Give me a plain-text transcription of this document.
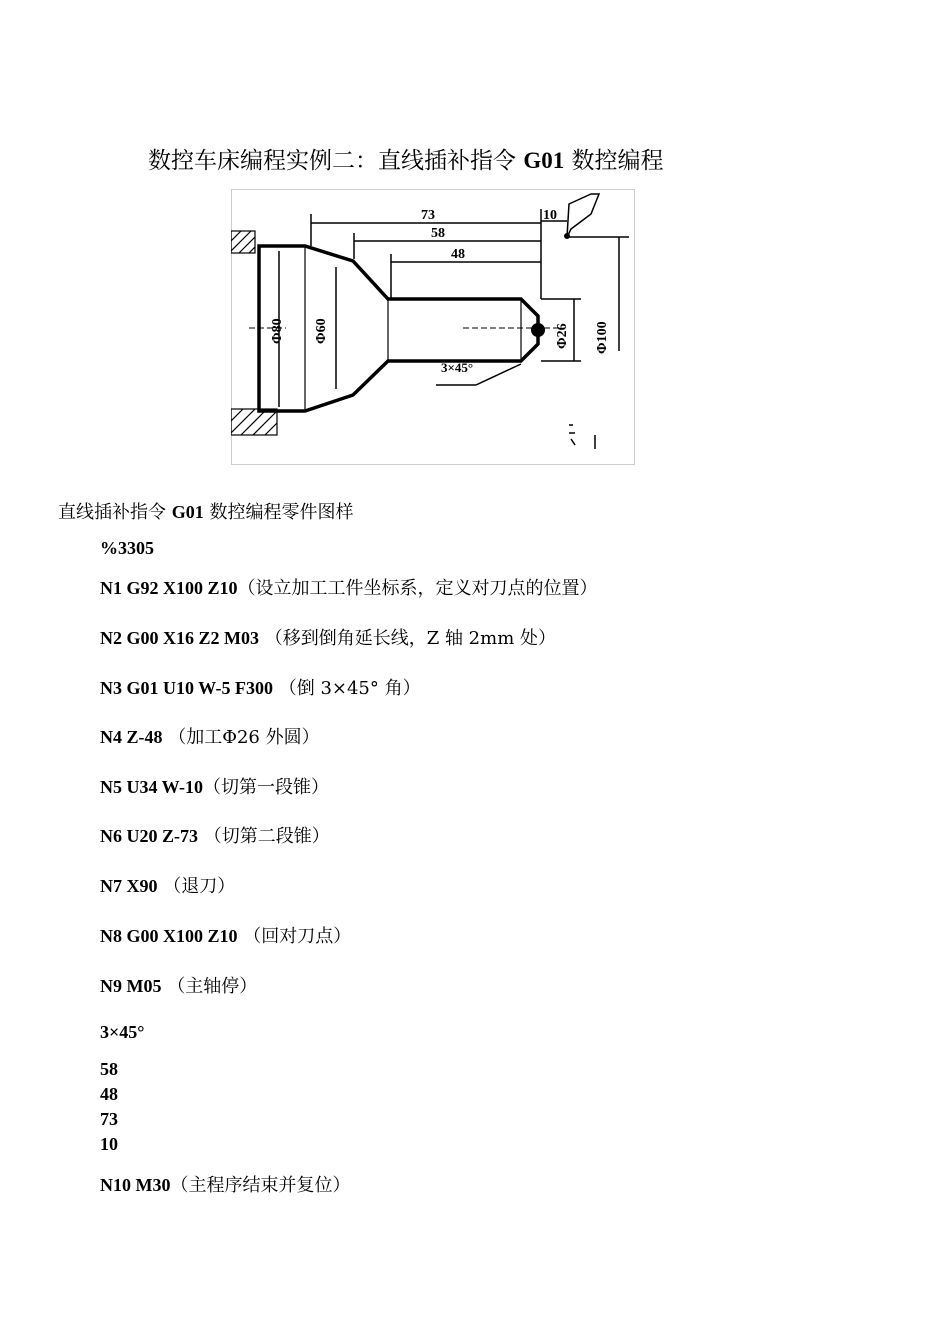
数控车床编程实例二：直线插补指令 G01 数控编程
73
58
48
10
3×45°
Φ80 Φ60	Φ26 Φ100
直线插补指令 G01 数控编程零件图样
%3305
N1 G92 X100 Z10（设立加工工件坐标系，定义对刀点的位置）
N2 G00 X16 Z2 M03 （移到倒角延长线，Z 轴 2mm 处）
N3 G01 U10 W-5 F300 （倒 3×45° 角）
N4 Z-48 （加工Φ26 外圆）
N5 U34 W-10（切第一段锥）
N6 U20 Z-73 （切第二段锥）
N7 X90 （退刀）
N8 G00 X100 Z10 （回对刀点）
N9 M05 （主轴停）
3×45°
58
48
73
10
N10 M30（主程序结束并复位）
